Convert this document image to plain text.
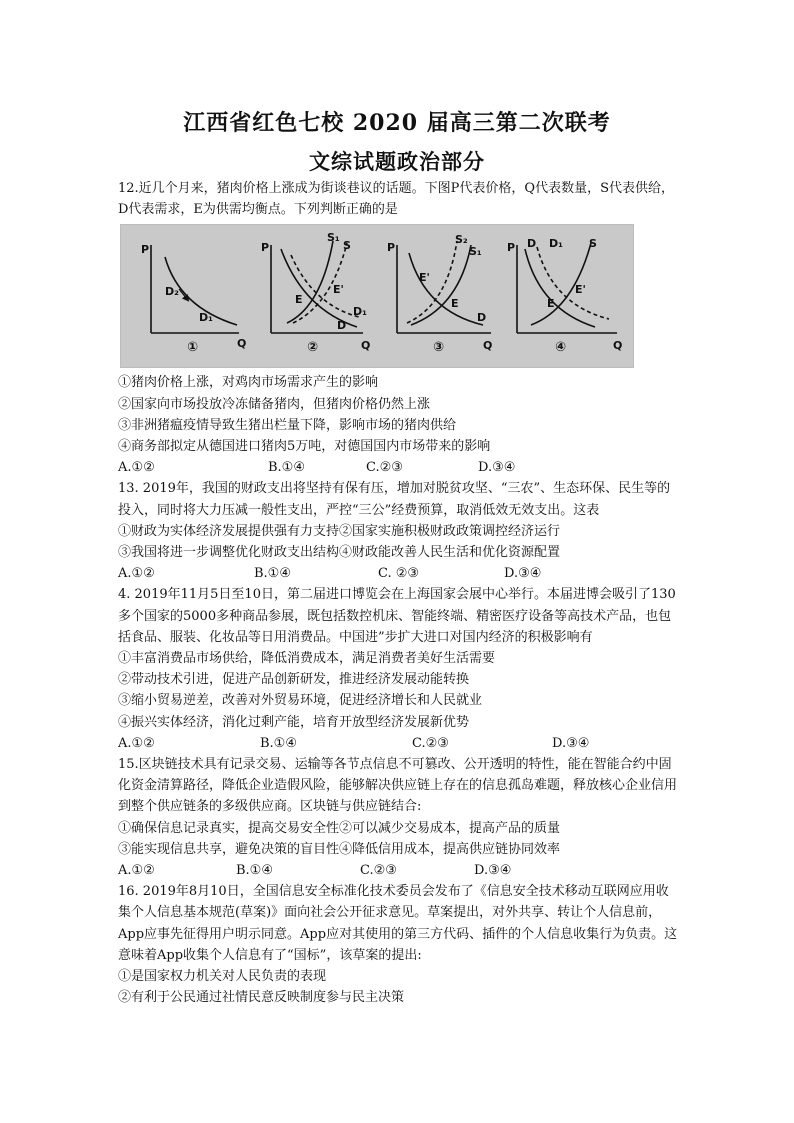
江西省红色七校 2020 届高三第二次联考
文综试题政治部分

12.近几个月来，猪肉价格上涨成为街谈巷议的话题。下图P代表价格，Q代表数量，S代表供给，D代表需求，E为供需均衡点。下列判断正确的是

P
Q
D₂
D₁
①
P
Q
S₁
S
E
E'
D₁
D
②
P
Q
S₂
S₁
E'
E
D
③
P
Q
D D₁ S
E
E'
④

①猪肉价格上涨，对鸡肉市场需求产生的影响

②国家向市场投放冷冻储备猪肉，但猪肉价格仍然上涨

③非洲猪瘟疫情导致生猪出栏量下降，影响市场的猪肉供给

④商务部拟定从德国进口猪肉5万吨，对德国国内市场带来的影响

A.①②	B.①④	C.②③	D.③④

13. 2019年，我国的财政支出将坚持有保有压，增加对脱贫攻坚、“三农”、生态环保、民生等的投入，同时将大力压减一般性支出，严控“三公”经费预算，取消低效无效支出。这表

①财政为实体经济发展提供强有力支持②国家实施积极财政政策调控经济运行

③我国将进一步调整优化财政支出结构④财政能改善人民生活和优化资源配置

A.①②	B.①④	C. ②③	D.③④

4. 2019年11月5日至10日，第二届进口博览会在上海国家会展中心举行。本届进博会吸引了130多个国家的5000多种商品参展，既包括数控机床、智能终端、精密医疗设备等高技术产品，也包括食品、服装、化妆品等日用消费品。中国进”步扩大进口对国内经济的积极影响有

①丰富消费品市场供给，降低消费成本，满足消费者美好生活需要

②带动技术引进，促进产品创新研发，推进经济发展动能转换

③缩小贸易逆差，改善对外贸易环境，促进经济增长和人民就业

④振兴实体经济，消化过剩产能，培育开放型经济发展新优势

A.①②	B.①④	C.②③	D.③④

15.区块链技术具有记录交易、运输等各节点信息不可篡改、公开透明的特性，能在智能合约中固化资金清算路径，降低企业造假风险，能够解决供应链上存在的信息孤岛难题，释放核心企业信用到整个供应链条的多级供应商。区块链与供应链结合:

①确保信息记录真实，提高交易安全性②可以减少交易成本，提高产品的质量

③能实现信息共享，避免决策的盲目性④降低信用成本，提高供应链协同效率

A.①②	B.①④	C.②③	D.③④

16. 2019年8月10日，全国信息安全标准化技术委员会发布了《信息安全技术移动互联网应用收集个人信息基本规范(草案)》面向社会公开征求意见。草案提出，对外共享、转让个人信息前，App应事先征得用户明示同意。App应对其使用的第三方代码、插件的个人信息收集行为负责。这意味着App收集个人信息有了“国标”，该草案的提出:

①是国家权力机关对人民负责的表现

②有利于公民通过社情民意反映制度参与民主决策
